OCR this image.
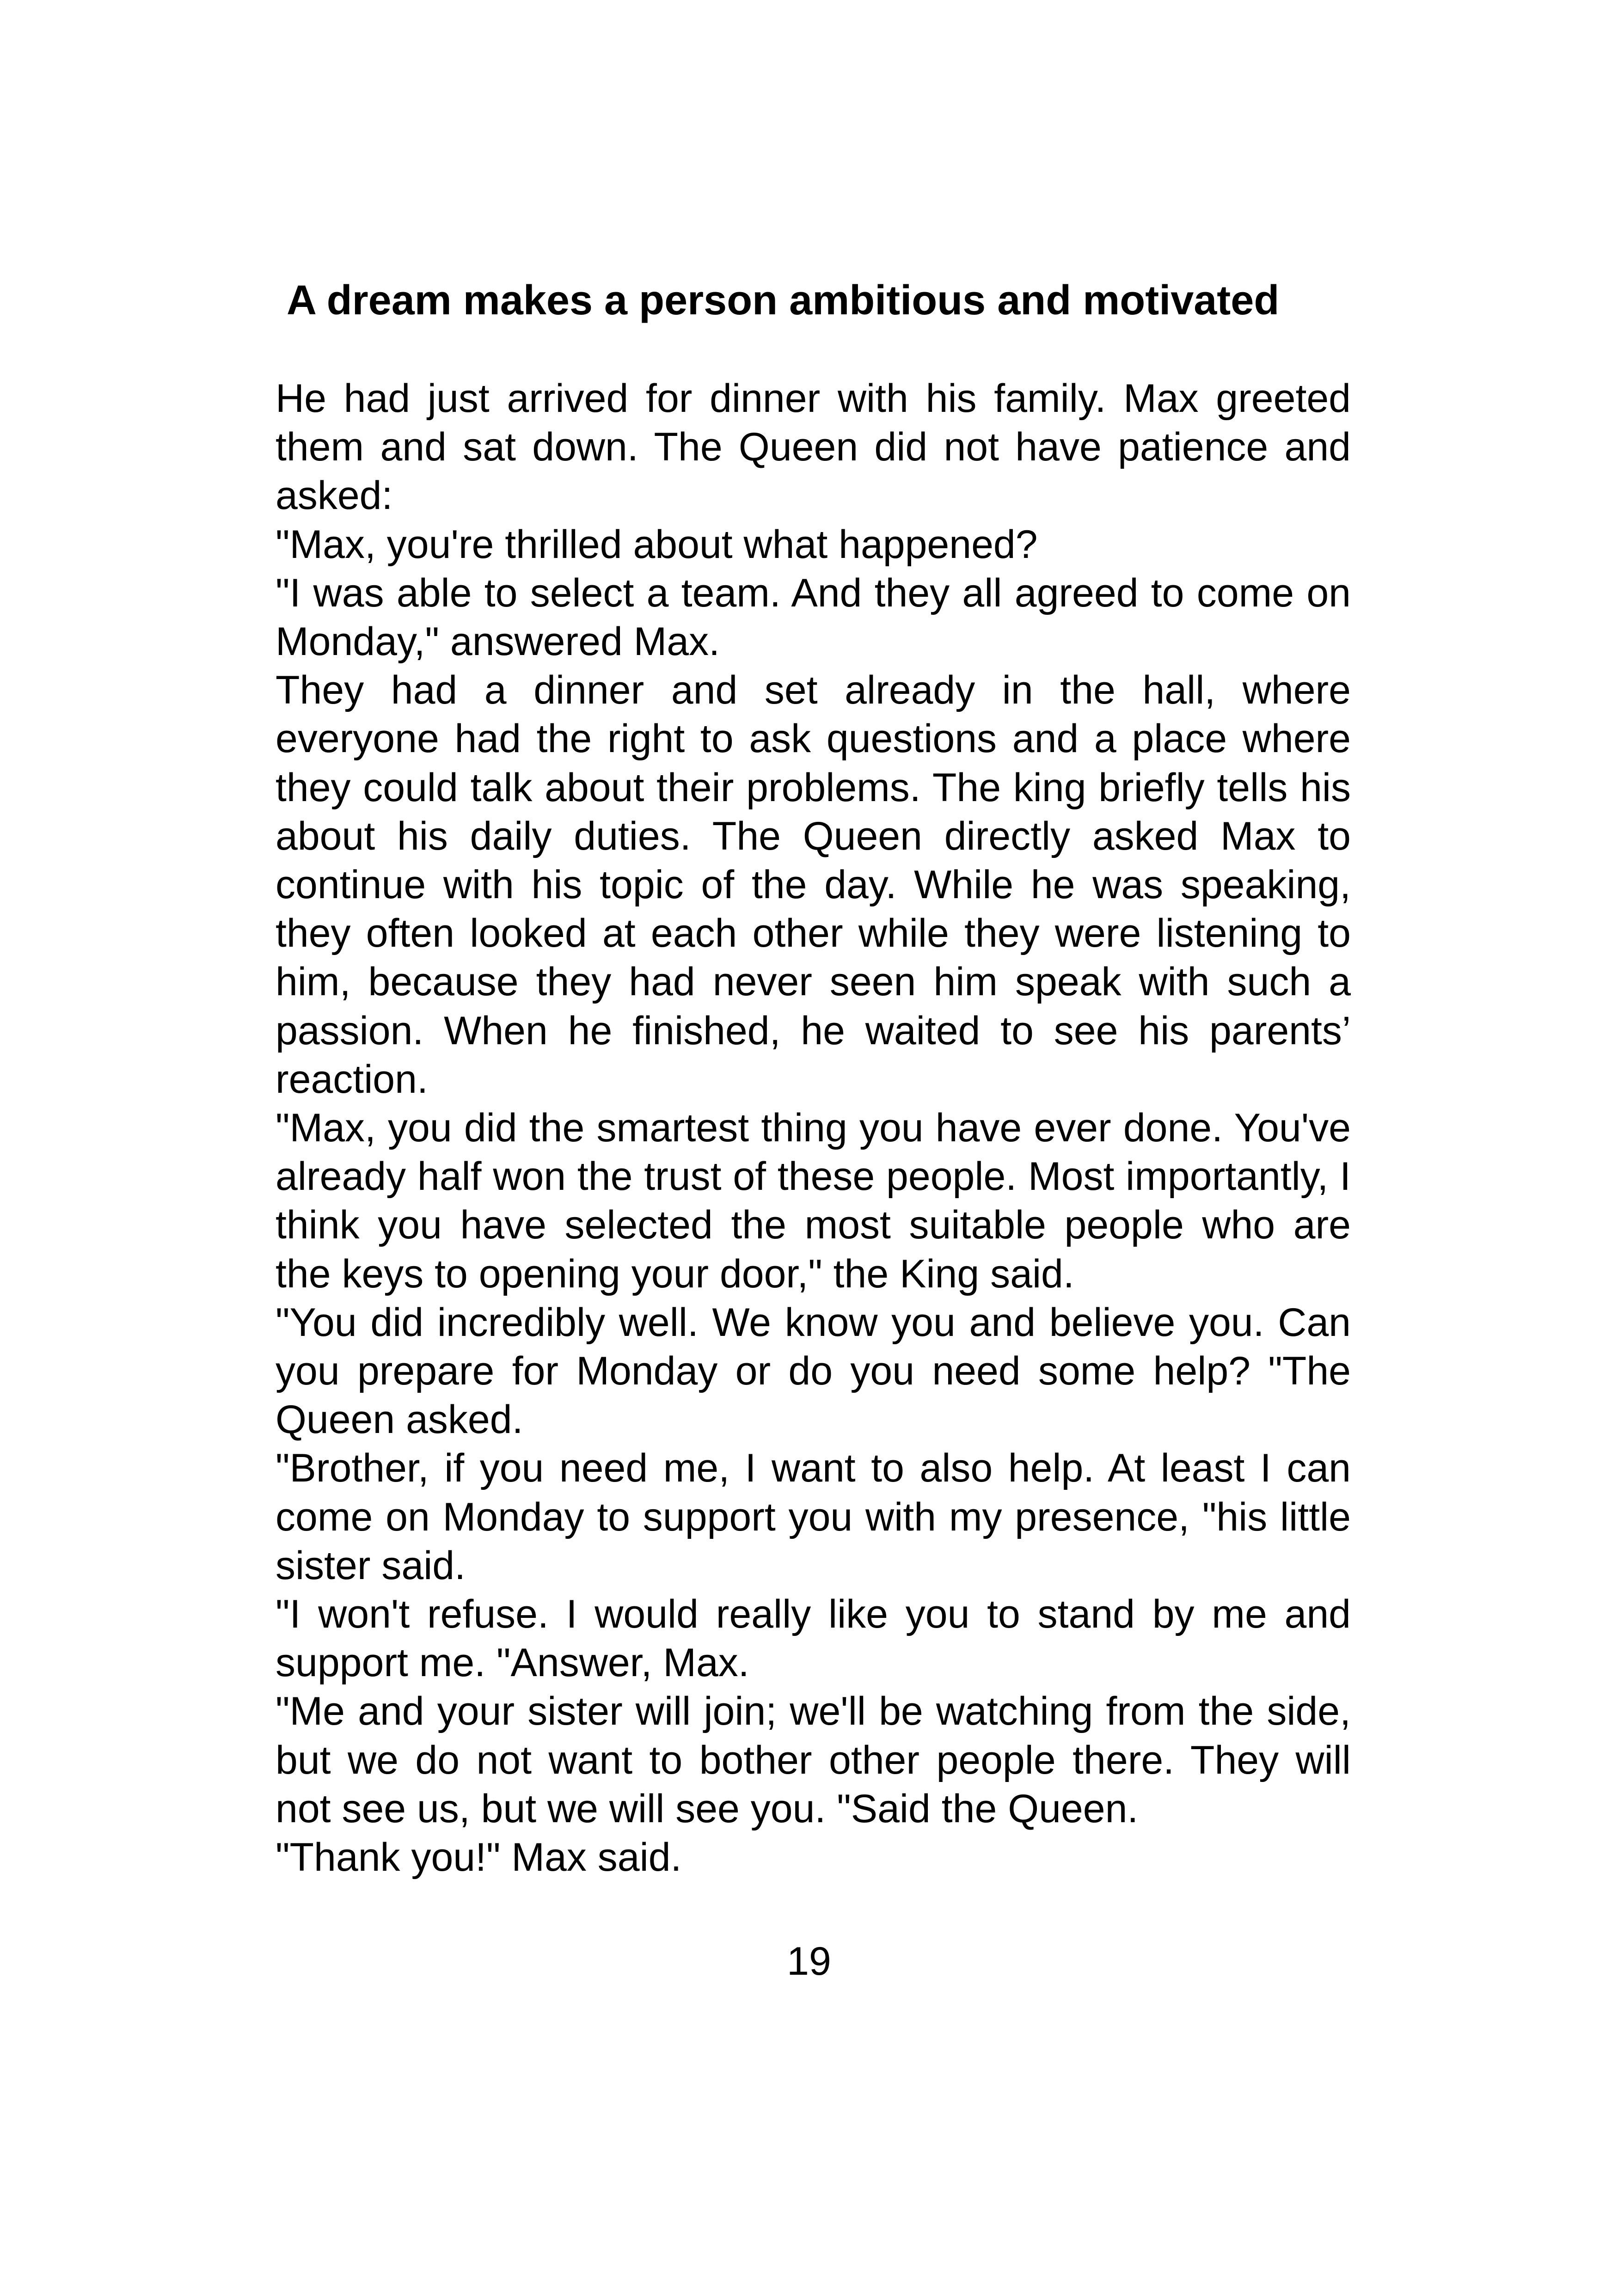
A dream makes a person ambitious and motivated

He had just arrived for dinner with his family. Max greeted them and sat down. The Queen did not have patience and asked:

"Max, you're thrilled about what happened?

"I was able to select a team. And they all agreed to come on Monday," answered Max.

They had a dinner and set already in the hall, where everyone had the right to ask questions and a place where they could talk about their problems. The king briefly tells his about his daily duties. The Queen directly asked Max to continue with his topic of the day. While he was speaking, they often looked at each other while they were listening to him, because they had never seen him speak with such a passion. When he finished, he waited to see his parents’ reaction.

"Max, you did the smartest thing you have ever done. You've already half won the trust of these people. Most importantly, I think you have selected the most suitable people who are the keys to opening your door," the King said.

"You did incredibly well. We know you and believe you. Can you prepare for Monday or do you need some help? "The Queen asked.

"Brother, if you need me, I want to also help. At least I can come on Monday to support you with my presence, "his little sister said.

"I won't refuse. I would really like you to stand by me and support me. "Answer, Max.

"Me and your sister will join; we'll be watching from the side, but we do not want to bother other people there. They will not see us, but we will see you. "Said the Queen.

"Thank you!" Max said.

19
